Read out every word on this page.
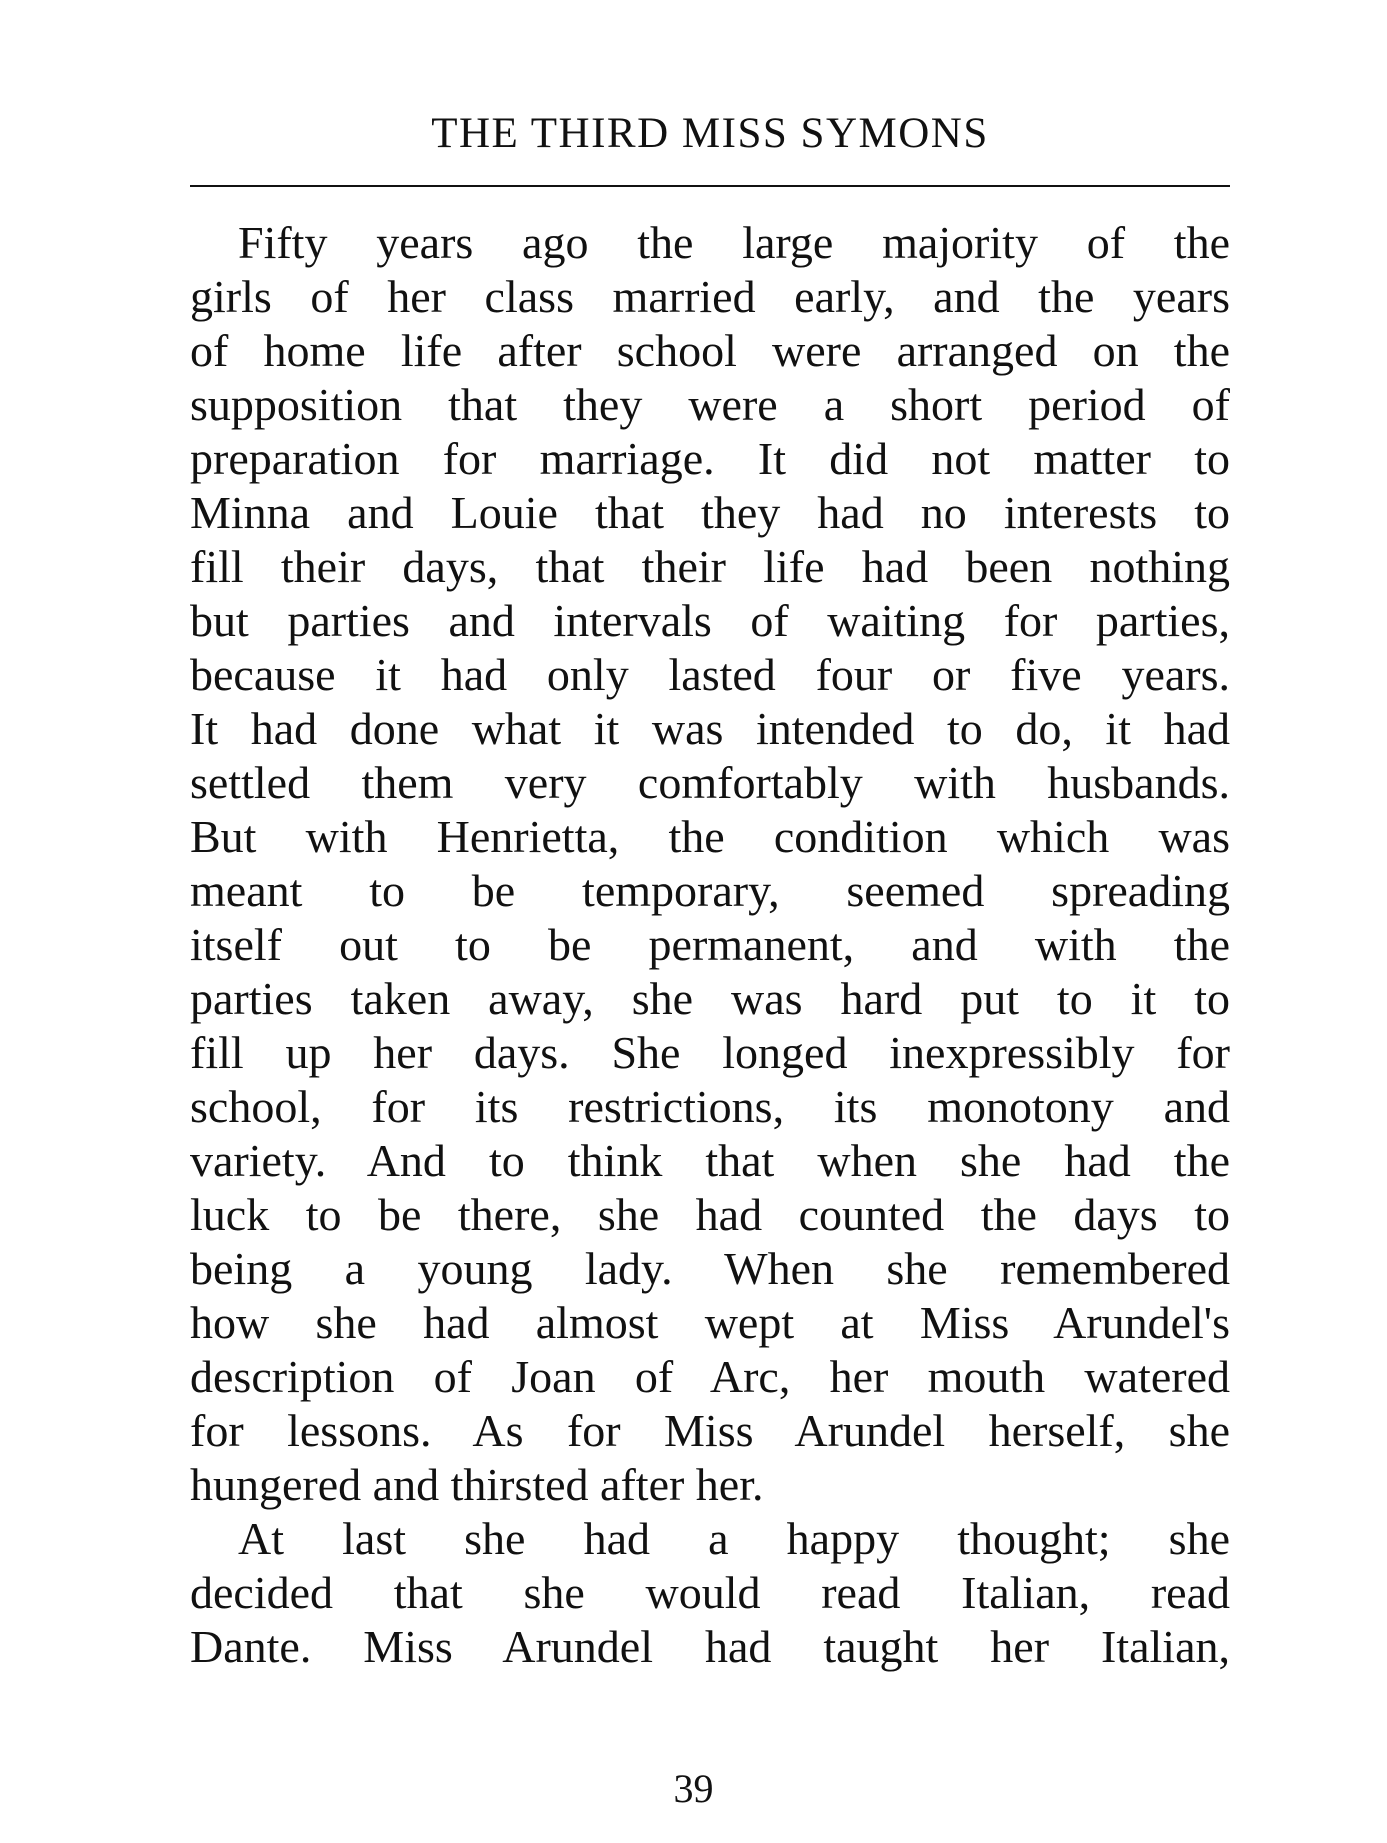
THE THIRD MISS SYMONS
Fifty years ago the large majority of the
girls of her class married early, and the years
of home life after school were arranged on the
supposition that they were a short period of
preparation for marriage. It did not matter to
Minna and Louie that they had no interests to
fill their days, that their life had been nothing
but parties and intervals of waiting for parties,
because it had only lasted four or five years.
It had done what it was intended to do, it had
settled them very comfortably with husbands.
But with Henrietta, the condition which was
meant to be temporary, seemed spreading
itself out to be permanent, and with the
parties taken away, she was hard put to it to
fill up her days. She longed inexpressibly for
school, for its restrictions, its monotony and
variety. And to think that when she had the
luck to be there, she had counted the days to
being a young lady. When she remembered
how she had almost wept at Miss Arundel's
description of Joan of Arc, her mouth watered
for lessons. As for Miss Arundel herself, she
hungered and thirsted after her.
At last she had a happy thought; she
decided that she would read Italian, read
Dante. Miss Arundel had taught her Italian,
39
